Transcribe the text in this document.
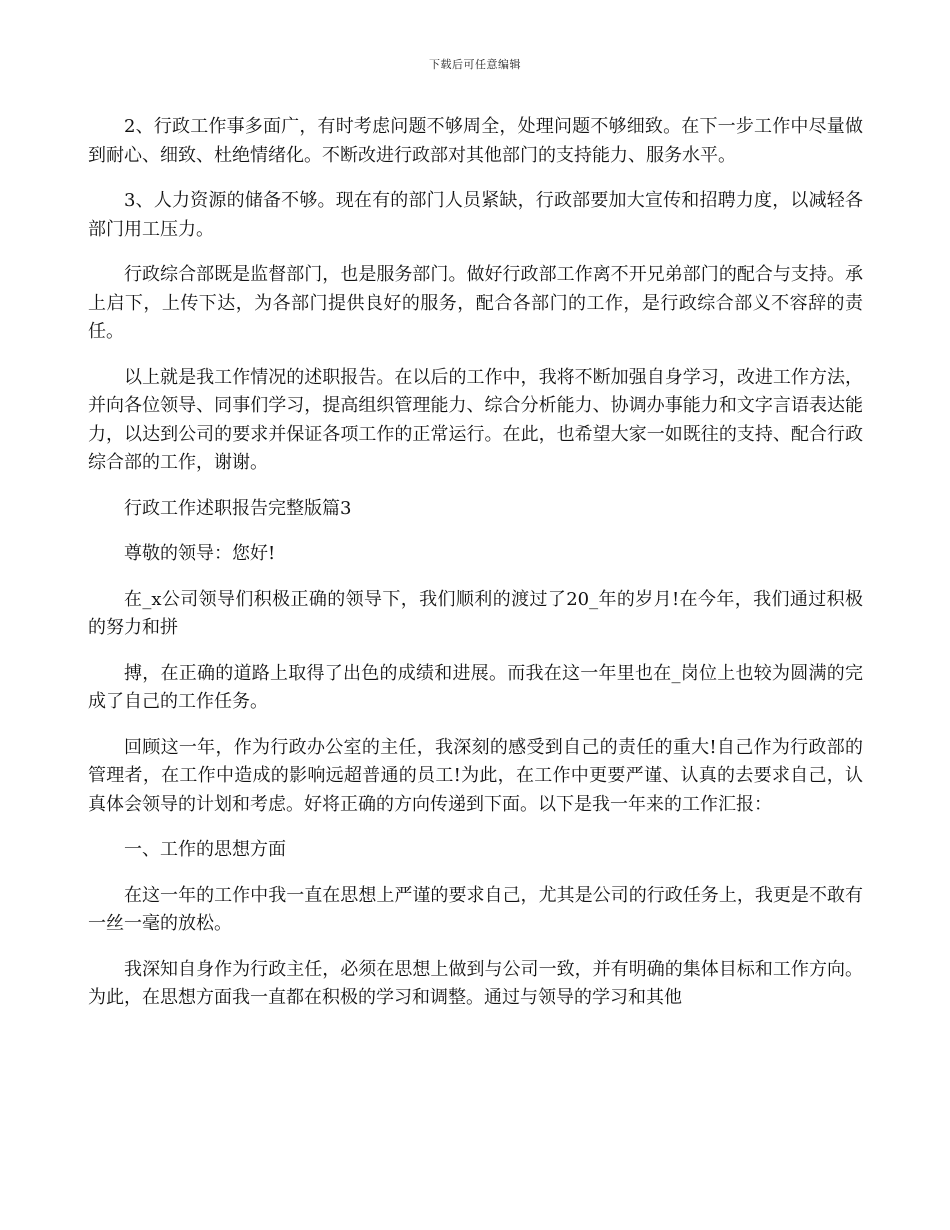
下载后可任意编辑

2、行政工作事多面广，有时考虑问题不够周全，处理问题不够细致。在下一步工作中尽量做到耐心、细致、杜绝情绪化。不断改进行政部对其他部门的支持能力、服务水平。

3、人力资源的储备不够。现在有的部门人员紧缺，行政部要加大宣传和招聘力度，以减轻各部门用工压力。

行政综合部既是监督部门，也是服务部门。做好行政部工作离不开兄弟部门的配合与支持。承上启下，上传下达，为各部门提供良好的服务，配合各部门的工作，是行政综合部义不容辞的责任。

以上就是我工作情况的述职报告。在以后的工作中，我将不断加强自身学习，改进工作方法，并向各位领导、同事们学习，提高组织管理能力、综合分析能力、协调办事能力和文字言语表达能力，以达到公司的要求并保证各项工作的正常运行。在此，也希望大家一如既往的支持、配合行政综合部的工作，谢谢。

行政工作述职报告完整版篇3

尊敬的领导：您好!

在_x公司领导们积极正确的领导下，我们顺利的渡过了20_年的岁月!在今年，我们通过积极的努力和拼

搏，在正确的道路上取得了出色的成绩和进展。而我在这一年里也在_岗位上也较为圆满的完成了自己的工作任务。

回顾这一年，作为行政办公室的主任，我深刻的感受到自己的责任的重大!自己作为行政部的管理者，在工作中造成的影响远超普通的员工!为此，在工作中更要严谨、认真的去要求自己，认真体会领导的计划和考虑。好将正确的方向传递到下面。以下是我一年来的工作汇报：

一、工作的思想方面

在这一年的工作中我一直在思想上严谨的要求自己，尤其是公司的行政任务上，我更是不敢有一丝一毫的放松。

我深知自身作为行政主任，必须在思想上做到与公司一致，并有明确的集体目标和工作方向。为此，在思想方面我一直都在积极的学习和调整。通过与领导的学习和其他
